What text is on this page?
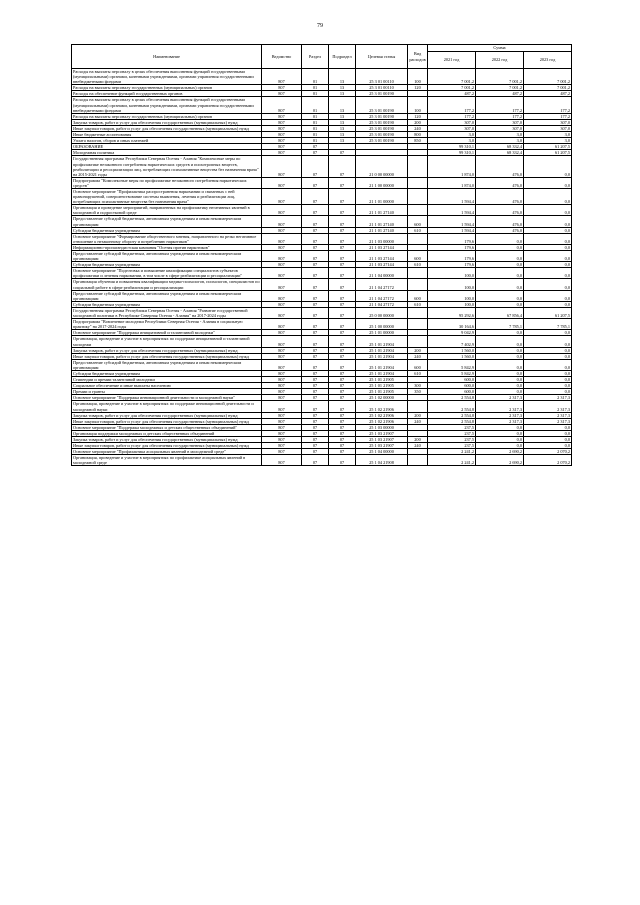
79
Наименование	Ведомство	Раздел	Подраздел	Целевая статья	Вид расходов	Сумма		
						2021 год	2022 год	2023 год
Расходы на выплаты персоналу в целях обеспечения выполнения функций государственными (муниципальными) органами, казенными учреждениями, органами управления государственными внебюджетными фондами	807	01	13	25 3 01 00110	100	7 001,2	7 001,2	7 001,2
Расходы на выплаты персоналу государственных (муниципальных) органов	807	01	13	25 3 01 00110	120	7 001,2	7 001,2	7 001,2
Расходы на обеспечение функций государственных органов	807	01	13	25 3 01 00190		487,2	487,2	487,2
Расходы на выплаты персоналу в целях обеспечения выполнения функций государственными (муниципальными) органами, казенными учреждениями, органами управления государственными внебюджетными фондами	807	01	13	25 3 01 00190	100	177,2	177,2	177,2
Расходы на выплаты персоналу государственных (муниципальных) органов	807	01	13	25 3 01 00190	120	177,2	177,2	177,2
Закупка товаров, работ и услуг для обеспечения государственных (муниципальных) нужд	807	01	13	25 3 01 00190	200	307,0	307,0	307,0
Иные закупки товаров, работ и услуг для обеспечения государственных (муниципальных) нужд	807	01	13	25 3 01 00190	240	307,0	307,0	307,0
Иные бюджетные ассигнования	807	01	13	25 3 01 00190	800	3,0	3,0	3,0
Уплата налогов, сборов и иных платежей	807	01	13	25 3 01 00190	850	3,0	3,0	3,0
ОБРАЗОВАНИЕ	807	07				99 310,1	68 332,4	61 207,5
Молодежная политика	807	07	07			99 310,1	68 332,4	61 207,5
Государственная программа Республики Северная Осетия - Алания "Комплексные меры по профилактике незаконного потребления наркотических средств и психотропных веществ, реабилитации и ресоциализации лиц, потребляющих психоактивные вещества без назначения врача" на 2015-2021 годы	807	07	07	21 0 00 00000		1 874,0	476,0	0,0
Подпрограмма "Комплексные меры по профилактике незаконного потребления наркотических средств"	807	07	07	21 1 00 00000		1 874,0	476,0	0,0
Основное мероприятие "Профилактика распространения наркомании и связанных с ней правонарушений, совершенствование системы выявления, лечения и реабилитации лиц, потребляющих психоактивные вещества без назначения врача"	807	07	07	21 1 01 00000		1 594,4	476,0	0,0
Организация и проведение мероприятий, направленных на профилактику негативных явлений в молодежной и подростковой среде	807	07	07	21 1 01 27140		1 594,4	476,0	0,0
Предоставление субсидий бюджетным, автономным учреждениям и иным некоммерческим организациям	807	07	07	21 1 01 27140	600	1 594,4	476,0	0,0
Субсидии бюджетным учреждениям	807	07	07	21 1 01 27140	610	1 594,4	476,0	0,0
Основное мероприятие "Формирование общественного мнения, направленного на резко негативное отношение к незаконному обороту и потреблению наркотиков"	807	07	07	21 1 03 00000		179,6	0,0	0,0
Информационно-пропагандистская кампания "Осетия против наркотиков"	807	07	07	21 1 03 27144		179,6	0,0	0,0
Предоставление субсидий бюджетным, автономным учреждениям и иным некоммерческим организациям	807	07	07	21 1 03 27144	600	179,6	0,0	0,0
Субсидии бюджетным учреждениям	807	07	07	21 1 03 27144	610	179,6	0,0	0,0
Основное мероприятие "Подготовка и повышение квалификации специалистов субъектов профилактики и лечения наркомании, в том числе в сфере реабилитации и ресоциализации"	807	07	07	21 1 04 00000		100,0	0,0	0,0
Организация обучения и повышения квалификации медико-психологов, психологов, специалистов по социальной работе в сфере реабилитации и ресоциализации	807	07	07	21 1 04 27172		100,0	0,0	0,0
Предоставление субсидий бюджетным, автономным учреждениям и иным некоммерческим организациям	807	07	07	21 1 04 27172	600	100,0	0,0	0,0
Субсидии бюджетным учреждениям	807	07	07	21 1 04 27172	610	100,0	0,0	0,0
Государственная программа Республики Северная Осетия - Алания "Развитие государственной молодежной политики в Республике Северная Осетия - Алания" на 2017-2024 годы	807	07	07	25 0 00 00000		95 292,6	67 856,4	61 207,5
Подпрограмма "Вовлечение молодежи Республики Северная Осетия - Алания в социальную практику" на 2017-2024 годы	807	07	07	25 1 00 00000		30 164,6	7 785,1	7 785,1
Основное мероприятие "Поддержка инициативной и талантливой молодежи"	807	07	07	25 1 01 00000		9 042,9	0,0	0,0
Организация, проведение и участие в мероприятиях по поддержке инициативной и талантливой молодежи	807	07	07	25 1 01 21904		7 402,9	0,0	0,0
Закупка товаров, работ и услуг для обеспечения государственных (муниципальных) нужд	807	07	07	25 1 01 21904	200	1 560,0	0,0	0,0
Иные закупки товаров, работ и услуг для обеспечения государственных (муниципальных) нужд	807	07	07	25 1 01 21904	240	1 560,0	0,0	0,0
Предоставление субсидий бюджетным, автономным учреждениям и иным некоммерческим организациям	807	07	07	25 1 01 21904	600	5 842,9	0,0	0,0
Субсидии бюджетным учреждениям	807	07	07	25 1 01 21904	610	5 842,9	0,0	0,0
Стипендии и премии талантливой молодежи	807	07	07	25 1 01 21905		600,0	0,0	0,0
Социальное обеспечение и иные выплаты населению	807	07	07	25 1 01 21905	300	600,0	0,0	0,0
Премии и гранты	807	07	07	25 1 01 21905	350	600,0	0,0	0,0
Основное мероприятие "Поддержка инновационной деятельности и молодежной науки"	807	07	07	25 1 02 00000		2 554,8	2 317,3	2 317,3
Организация, проведение и участие в мероприятиях по поддержке инновационной деятельности и молодежной науки	807	07	07	25 1 02 21906		2 554,8	2 317,3	2 317,3
Закупка товаров, работ и услуг для обеспечения государственных (муниципальных) нужд	807	07	07	25 1 02 21906	200	2 554,8	2 317,3	2 317,3
Иные закупки товаров, работ и услуг для обеспечения государственных (муниципальных) нужд	807	07	07	25 1 02 21906	240	2 554,8	2 317,3	2 317,3
Основное мероприятие "Поддержка молодежных и детских общественных объединений"	807	07	07	25 1 03 00000		237,5	0,0	0,0
Организация поддержки молодежных и детских общественных объединений	807	07	07	25 1 03 21907		237,5	0,0	0,0
Закупка товаров, работ и услуг для обеспечения государственных (муниципальных) нужд	807	07	07	25 1 03 21907	200	237,5	0,0	0,0
Иные закупки товаров, работ и услуг для обеспечения государственных (муниципальных) нужд	807	07	07	25 1 03 21907	240	237,5	0,0	0,0
Основное мероприятие "Профилактика асоциальных явлений в молодежной среде"	807	07	07	25 1 04 00000		2 241,2	2 690,2	2 070,2
Организация, проведение и участие в мероприятиях по профилактике асоциальных явлений в молодежной среде	807	07	07	25 1 04 21908		2 241,2	2 690,2	2 070,2
